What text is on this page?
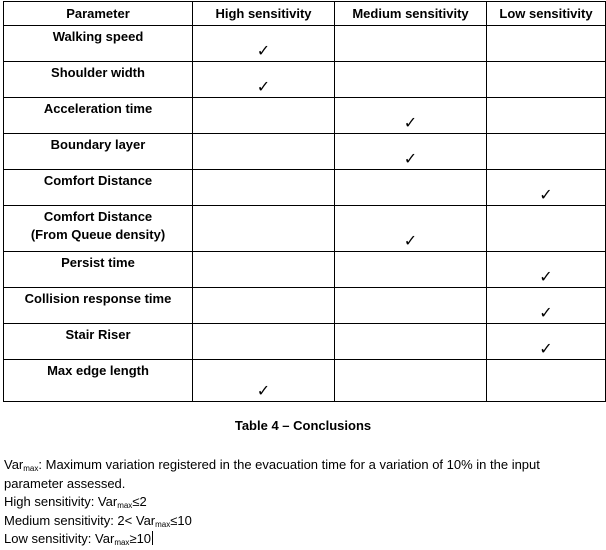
Parameter	High sensitivity	Medium sensitivity	Low sensitivity

Walking speed	✓		

Shoulder width	✓		

Acceleration time		✓	

Boundary layer		✓	

Comfort Distance			✓

Comfort Distance
(From Queue density)		✓	

Persist time			✓

Collision response time			✓

Stair Riser			✓

Max edge length	✓		

Table 4 – Conclusions

Var$_{max}$: Maximum variation registered in the evacuation time for a variation of 10% in the input parameter assessed.

High sensitivity: Var$_{max}$≤2

Medium sensitivity: 2< Var$_{max}$≤10

Low sensitivity: Var$_{max}$≥10
